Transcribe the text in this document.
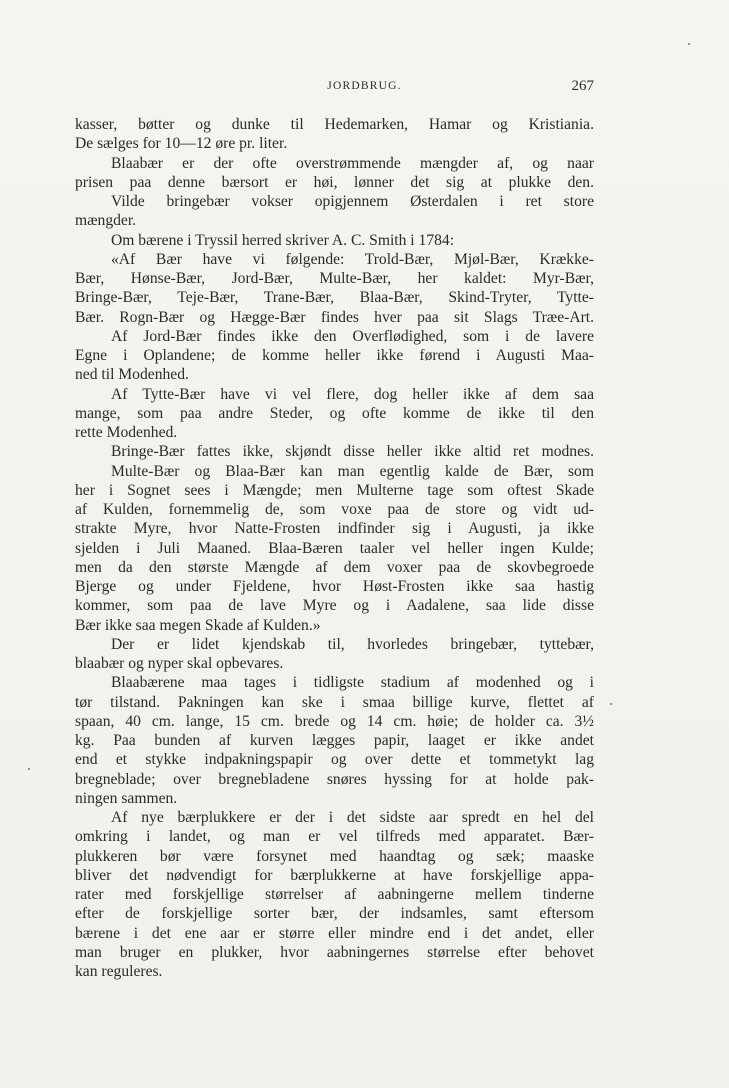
JORDBRUG.	267
kasser, bøtter og dunke til Hedemarken, Hamar og Kristiania.
De sælges for 10—12 øre pr. liter.
Blaabær er der ofte overstrømmende mængder af, og naar
prisen paa denne bærsort er høi, lønner det sig at plukke den.
Vilde bringebær vokser opigjennem Østerdalen i ret store
mængder.
Om bærene i Tryssil herred skriver A. C. Smith i 1784:
«Af Bær have vi følgende: Trold-Bær, Mjøl-Bær, Krække-
Bær, Hønse-Bær, Jord-Bær, Multe-Bær, her kaldet: Myr-Bær,
Bringe-Bær, Teje-Bær, Trane-Bær, Blaa-Bær, Skind-Tryter, Tytte-
Bær. Rogn-Bær og Hægge-Bær findes hver paa sit Slags Træe-Art.
Af Jord-Bær findes ikke den Overflødighed, som i de lavere
Egne i Oplandene; de komme heller ikke førend i Augusti Maa-
ned til Modenhed.
Af Tytte-Bær have vi vel flere, dog heller ikke af dem saa
mange, som paa andre Steder, og ofte komme de ikke til den
rette Modenhed.
Bringe-Bær fattes ikke, skjøndt disse heller ikke altid ret modnes.
Multe-Bær og Blaa-Bær kan man egentlig kalde de Bær, som
her i Sognet sees i Mængde; men Multerne tage som oftest Skade
af Kulden, fornemmelig de, som voxe paa de store og vidt ud-
strakte Myre, hvor Natte-Frosten indfinder sig i Augusti, ja ikke
sjelden i Juli Maaned. Blaa-Bæren taaler vel heller ingen Kulde;
men da den største Mængde af dem voxer paa de skovbegroede
Bjerge og under Fjeldene, hvor Høst-Frosten ikke saa hastig
kommer, som paa de lave Myre og i Aadalene, saa lide disse
Bær ikke saa megen Skade af Kulden.»
Der er lidet kjendskab til, hvorledes bringebær, tyttebær,
blaabær og nyper skal opbevares.
Blaabærene maa tages i tidligste stadium af modenhed og i
tør tilstand. Pakningen kan ske i smaa billige kurve, flettet af
spaan, 40 cm. lange, 15 cm. brede og 14 cm. høie; de holder ca. 3½
kg. Paa bunden af kurven lægges papir, laaget er ikke andet
end et stykke indpakningspapir og over dette et tommetykt lag
bregneblade; over bregnebladene snøres hyssing for at holde pak-
ningen sammen.
Af nye bærplukkere er der i det sidste aar spredt en hel del
omkring i landet, og man er vel tilfreds med apparatet. Bær-
plukkeren bør være forsynet med haandtag og sæk; maaske
bliver det nødvendigt for bærplukkerne at have forskjellige appa-
rater med forskjellige størrelser af aabningerne mellem tinderne
efter de forskjellige sorter bær, der indsamles, samt eftersom
bærene i det ene aar er større eller mindre end i det andet, eller
man bruger en plukker, hvor aabningernes størrelse efter behovet
kan reguleres.
